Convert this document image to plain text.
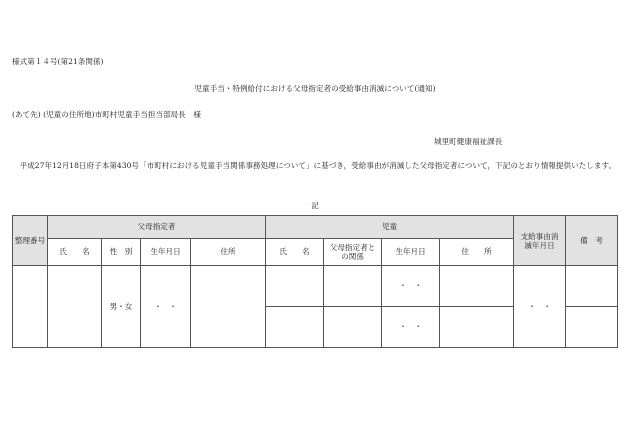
様式第１４号(第21条関係)
児童手当・特例給付における父母指定者の受給事由消滅について(通知)
(あて先) (児童の住所地)市町村児童手当担当部局長　様
城里町健康福祉課長
平成27年12月18日府子本第430号「市町村における児童手当関係事務処理について」に基づき，受給事由が消滅した父母指定者について，下記のとおり情報提供いたします。
記
整理番号	父母指定者				児童				支給事由消滅年月日	備　考
	氏　　名	性　別	生年月日	住所	氏　　名	父母指定者との関係	生年月日	住　　所		
		男・女	・　・				・　・		・　・	
							・　・			
